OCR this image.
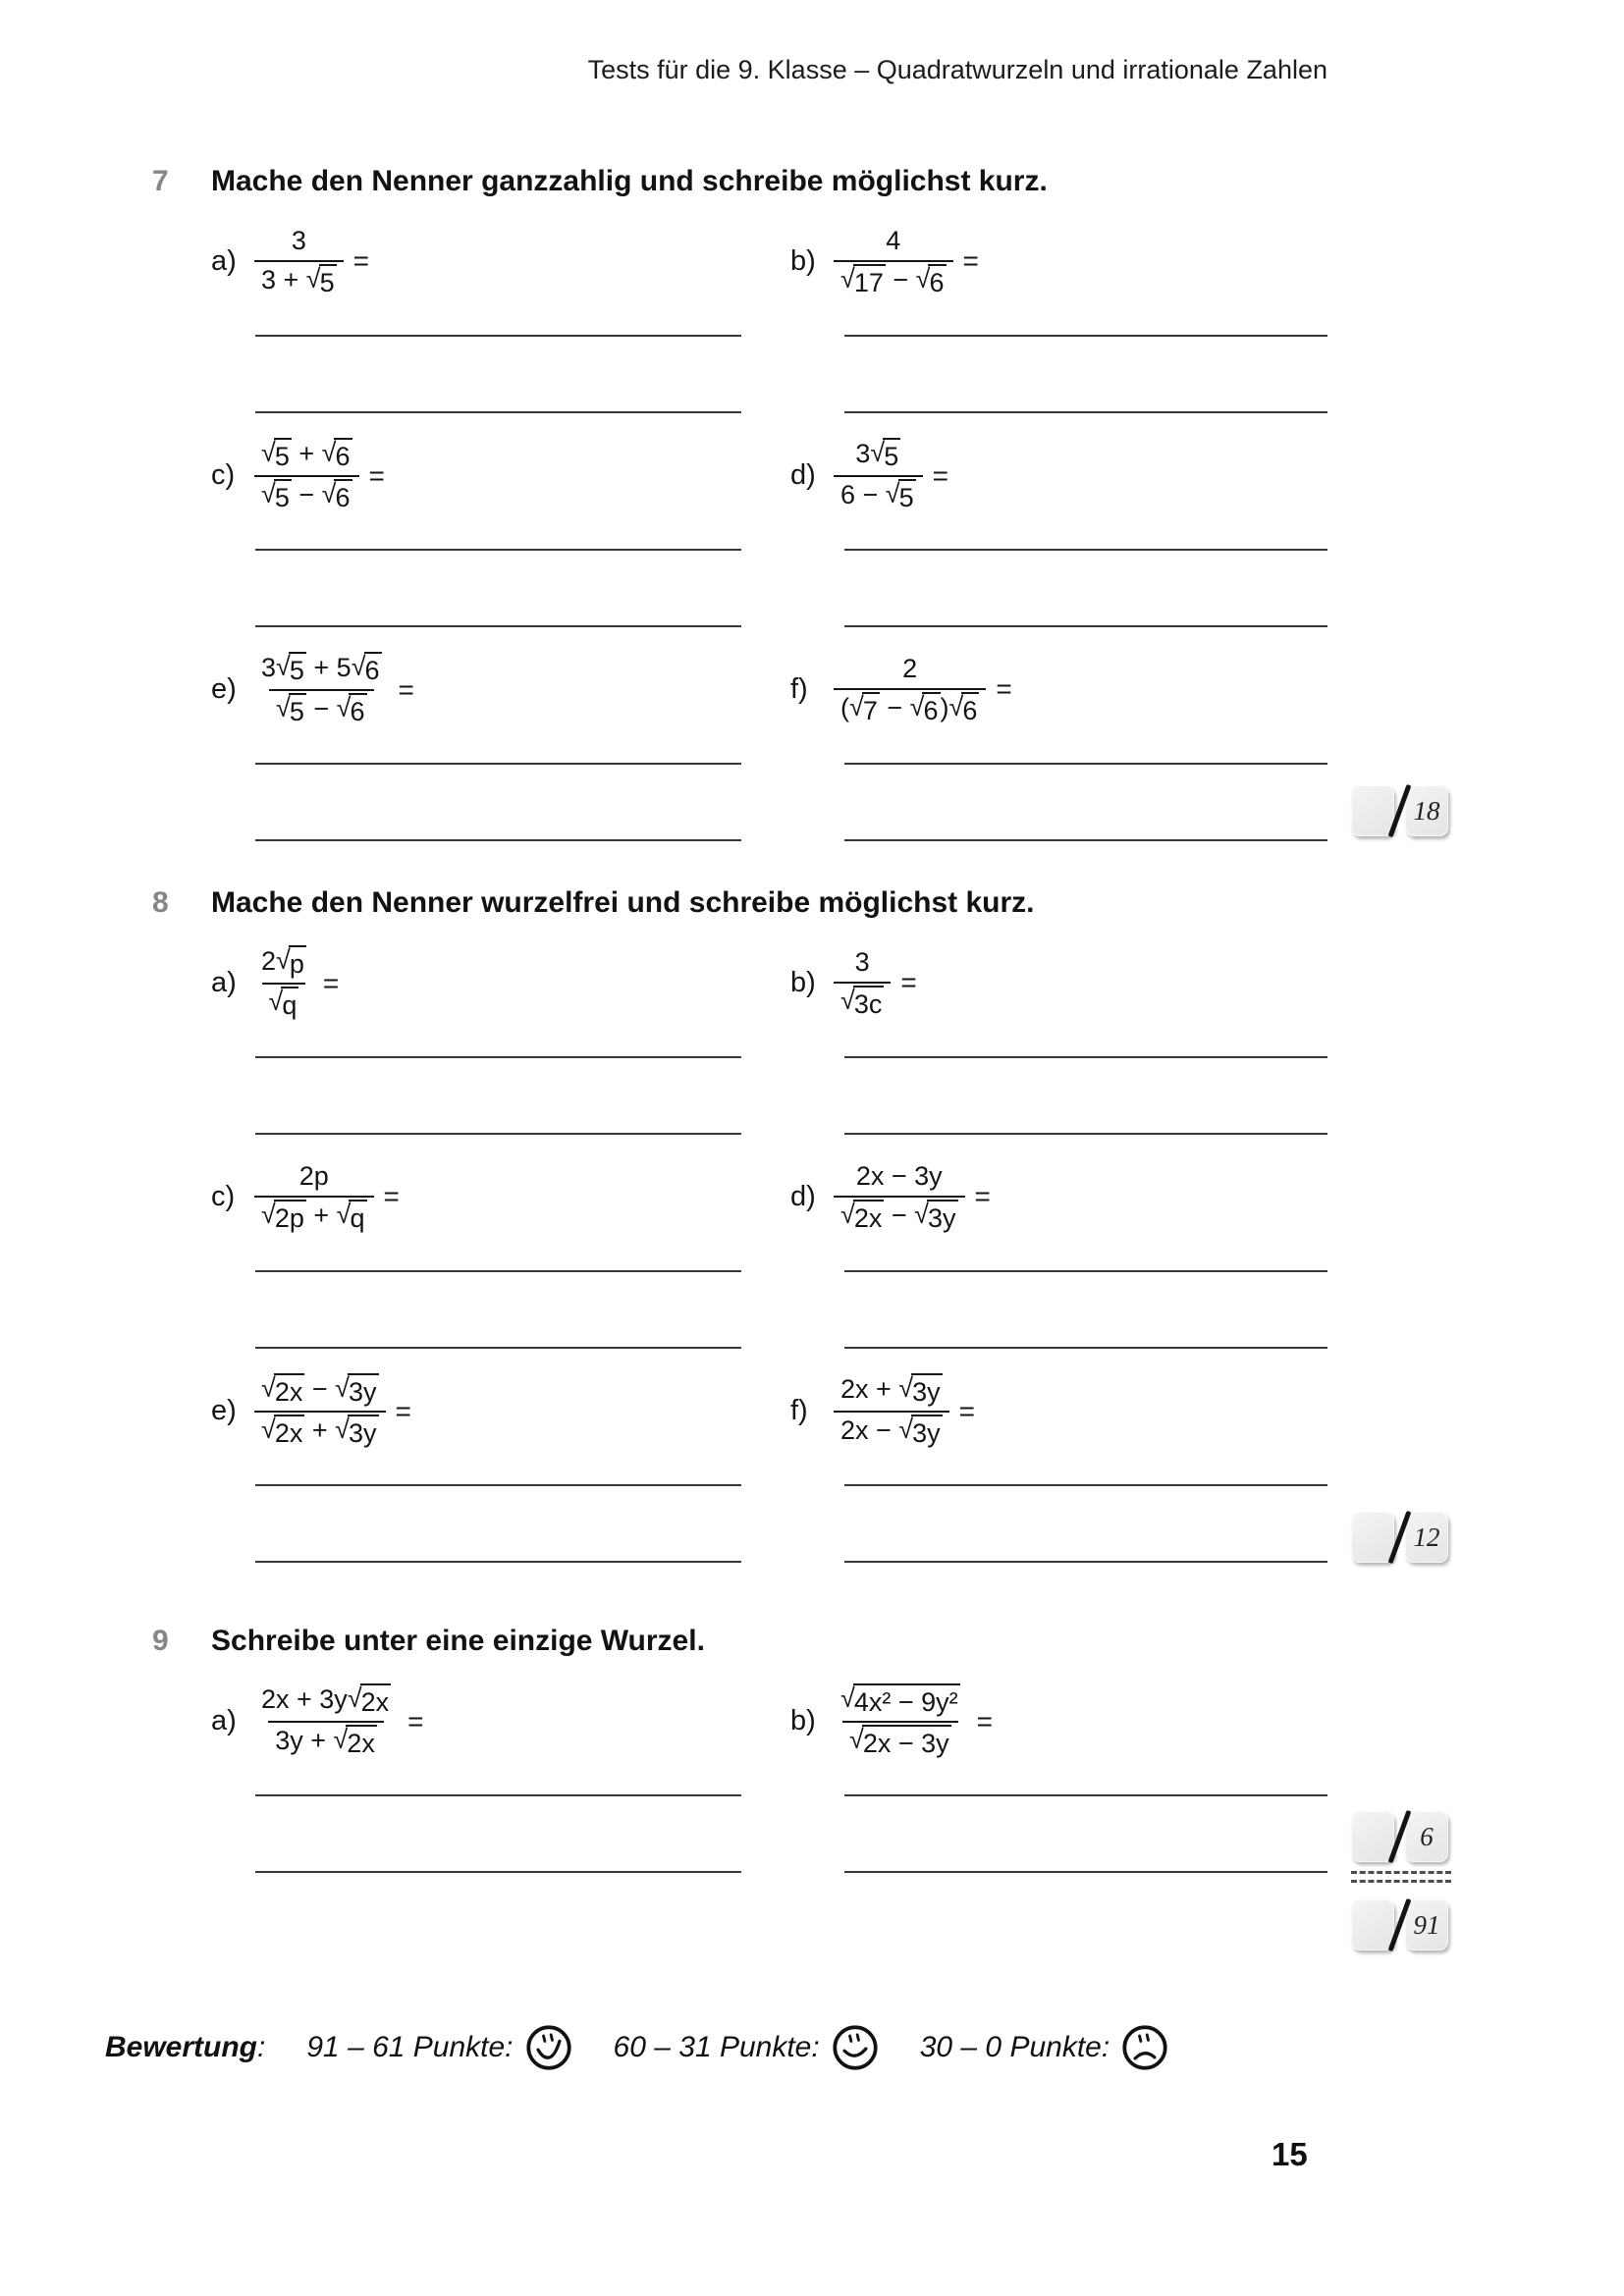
Tests für die 9. Klasse – Quadratwurzeln und irrationale Zahlen
7 Mache den Nenner ganzzahlig und schreibe möglichst kurz.
$a) \frac{3}{3 + √ 5}$ =	$b) \frac{4}{√ 17 - √ 6}$ =
$c) \frac{√ 5 + √ 6}{√ 5 - √ 6}$ =	$d) \frac{3 √ 5}{6 - √ 5}$ =
$e) \frac{3 √ 5 + 5 √ 6}{√ 5 - √ 6}$ =	$f) \frac{2}{( √ 7 - √ 6 ) √ 6}$ =
8 Mache den Nenner wurzelfrei und schreibe möglichst kurz.
$a) \frac{2 √ p}{√ q}$ =	$b) \frac{3}{√ 3c}$ =
$c) \frac{2p}{√ 2p + √ q}$ =	$d) \frac{2x - 3y}{√ 2x - √ 3y}$ =
$e) \frac{√ 2x - √ 3y}{√ 2x + √ 3y}$ =	$f) \frac{2x + √ 3y}{2x - √ 3y}$ =
9 Schreibe unter eine einzige Wurzel.
$a) \frac{2x + 3y √ 2x}{3y + √ 2x}$ =	$b) \frac{\text{√ 4x² − 9y²}}{√ 2x - 3y}$ =
18
12
6
91
Bewertung : 91 – 61 Punkte:	60 – 31 Punkte:	30 – 0 Punkte:
15
